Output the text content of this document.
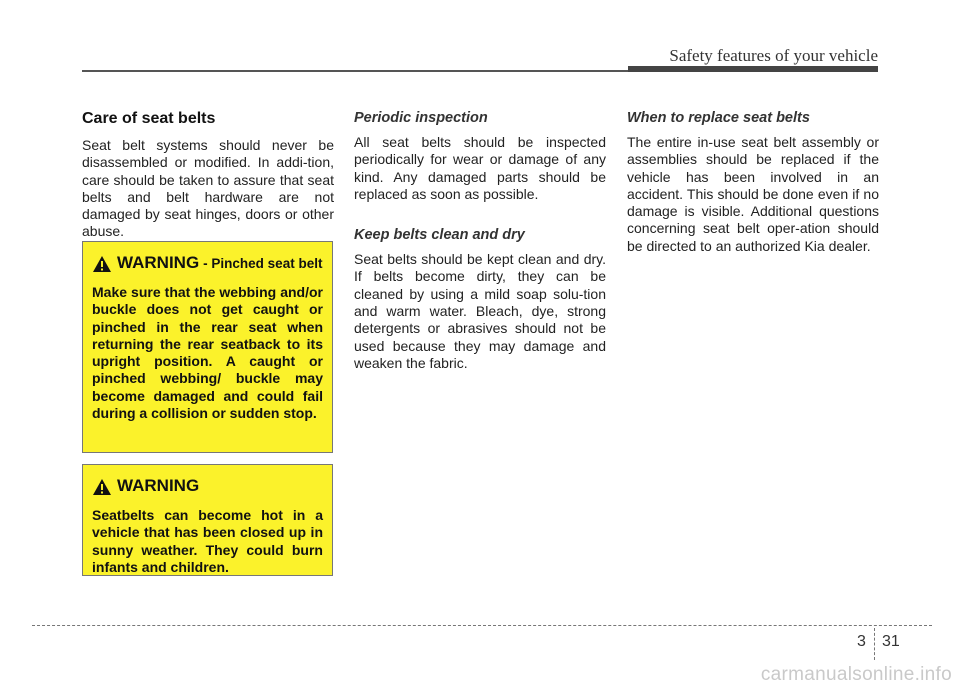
Safety features of your vehicle
Care of seat belts

Seat belt systems should never be disassembled or modified. In addi-tion, care should be taken to assure that seat belts and belt hardware are not damaged by seat hinges, doors or other abuse.

WARNING - Pinched seat belt

Make sure that the webbing and/or buckle does not get caught or pinched in the rear seat when returning the rear seatback to its upright position. A caught or pinched webbing/ buckle may become damaged and could fail during a collision or sudden stop.

WARNING

Seatbelts can become hot in a vehicle that has been closed up in sunny weather. They could burn infants and children.

Periodic inspection

All seat belts should be inspected periodically for wear or damage of any kind. Any damaged parts should be replaced as soon as possible.

Keep belts clean and dry

Seat belts should be kept clean and dry. If belts become dirty, they can be cleaned by using a mild soap solu-tion and warm water. Bleach, dye, strong detergents or abrasives should not be used because they may damage and weaken the fabric.

When to replace seat belts

The entire in-use seat belt assembly or assemblies should be replaced if the vehicle has been involved in an accident. This should be done even if no damage is visible. Additional questions concerning seat belt oper-ation should be directed to an authorized Kia dealer.

3 31
carmanualsonline.info
